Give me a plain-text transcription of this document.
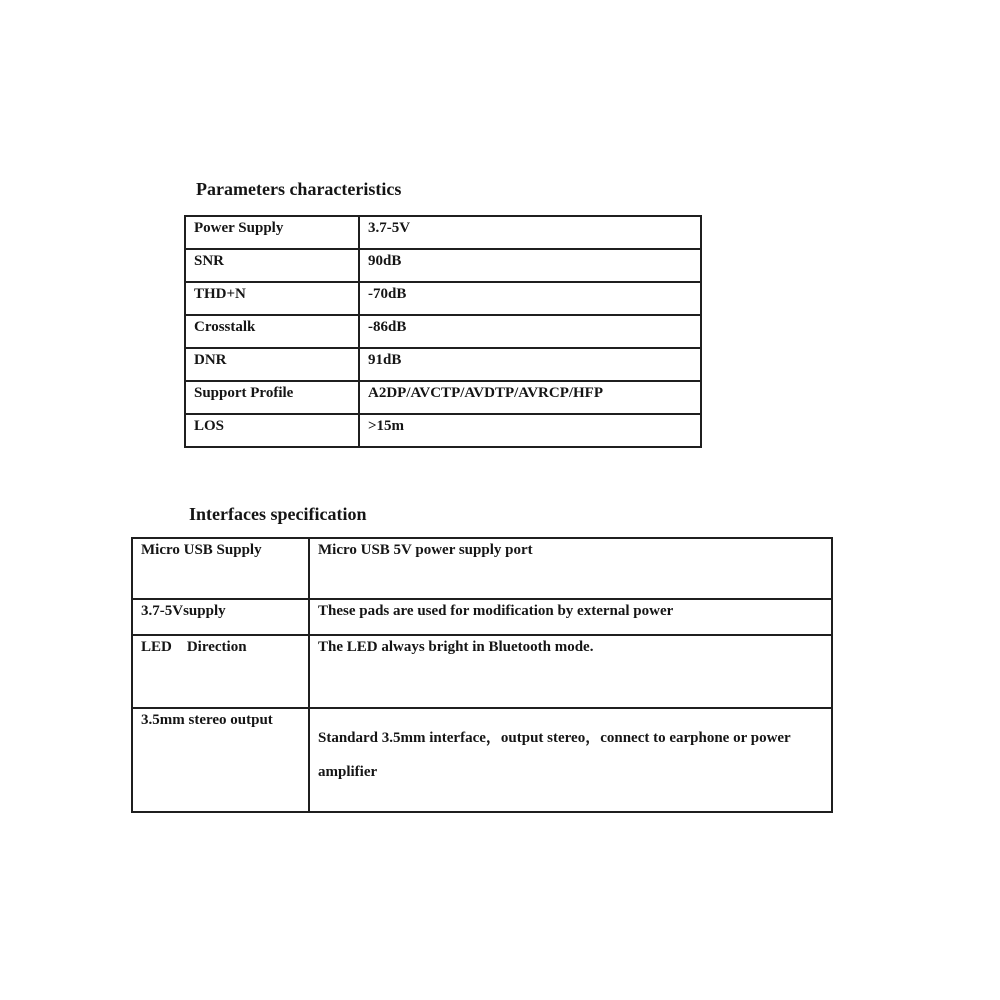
Parameters characteristics
Power Supply	3.7-5V
SNR	90dB
THD+N	-70dB
Crosstalk	-86dB
DNR	91dB
Support Profile	A2DP/AVCTP/AVDTP/AVRCP/HFP
LOS	>15m
Interfaces specification
Micro USB Supply	Micro USB 5V power supply port
3.7-5Vsupply	These pads are used for modification by external power
LED    Direction	The LED always bright in Bluetooth mode.
3.5mm stereo output	Standard 3.5mm interface，output stereo，connect to earphone or power amplifier
